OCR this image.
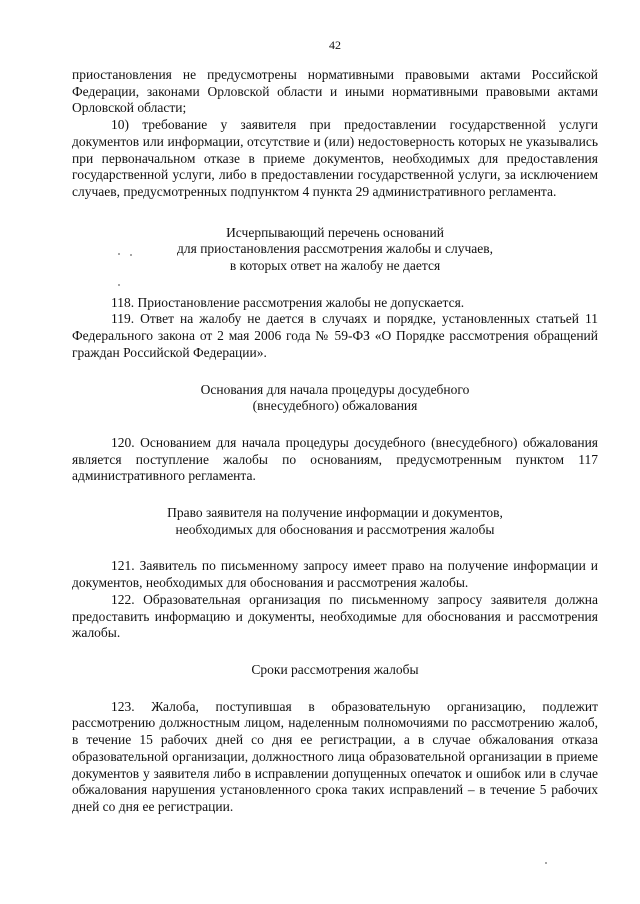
42

приостановления не предусмотрены нормативными правовыми актами Российской Федерации, законами Орловской области и иными нормативными правовыми актами Орловской области;

10) требование у заявителя при предоставлении государственной услуги документов или информации, отсутствие и (или) недостоверность которых не указывались при первоначальном отказе в приеме документов, необходимых для предоставления государственной услуги, либо в предоставлении государственной услуги, за исключением случаев, предусмотренных подпунктом 4 пункта 29 административного регламента.

Исчерпывающий перечень оснований
для приостановления рассмотрения жалобы и случаев,
в которых ответ на жалобу не дается

118. Приостановление рассмотрения жалобы не допускается.

119. Ответ на жалобу не дается в случаях и порядке, установленных статьей 11 Федерального закона от 2 мая 2006 года № 59-ФЗ «О Порядке рассмотрения обращений граждан Российской Федерации».

Основания для начала процедуры досудебного
(внесудебного) обжалования

120. Основанием для начала процедуры досудебного (внесудебного) обжалования является поступление жалобы по основаниям, предусмотренным пунктом 117 административного регламента.

Право заявителя на получение информации и документов,
необходимых для обоснования и рассмотрения жалобы

121. Заявитель по письменному запросу имеет право на получение информации и документов, необходимых для обоснования и рассмотрения жалобы.

122. Образовательная организация по письменному запросу заявителя должна предоставить информацию и документы, необходимые для обоснования и рассмотрения жалобы.

Сроки рассмотрения жалобы

123. Жалоба, поступившая в образовательную организацию, подлежит рассмотрению должностным лицом, наделенным полномочиями по рассмотрению жалоб, в течение 15 рабочих дней со дня ее регистрации, а в случае обжалования отказа образовательной организации, должностного лица образовательной организации в приеме документов у заявителя либо в исправлении допущенных опечаток и ошибок или в случае обжалования нарушения установленного срока таких исправлений – в течение 5 рабочих дней со дня ее регистрации.
